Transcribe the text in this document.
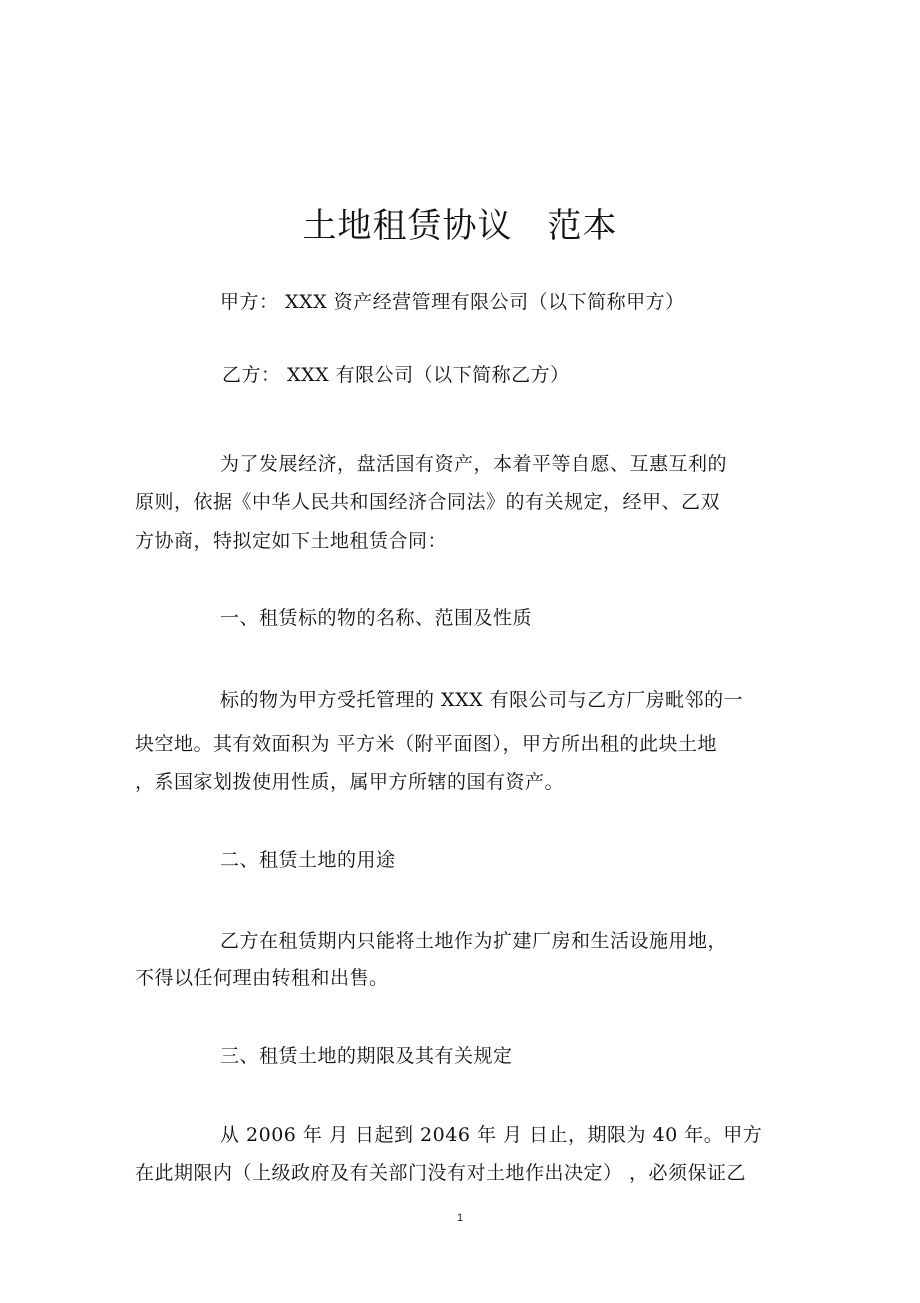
土地租赁协议　范本
甲方： XXX 资产经营管理有限公司（以下简称甲方）
乙方： XXX 有限公司（以下简称乙方）
为了发展经济，盘活国有资产，本着平等自愿、互惠互利的
原则，依据《中华人民共和国经济合同法》的有关规定，经甲、乙双
方协商，特拟定如下土地租赁合同：
一、租赁标的物的名称、范围及性质
标的物为甲方受托管理的 XXX 有限公司与乙方厂房毗邻的一
块空地。其有效面积为 平方米（附平面图），甲方所出租的此块土地
，系国家划拨使用性质，属甲方所辖的国有资产。
二、租赁土地的用途
乙方在租赁期内只能将土地作为扩建厂房和生活设施用地，
不得以任何理由转租和出售。
三、租赁土地的期限及其有关规定
从 2006 年 月 日起到 2046 年 月 日止，期限为 40 年。甲方
在此期限内（上级政府及有关部门没有对土地作出决定） ，必须保证乙
1
